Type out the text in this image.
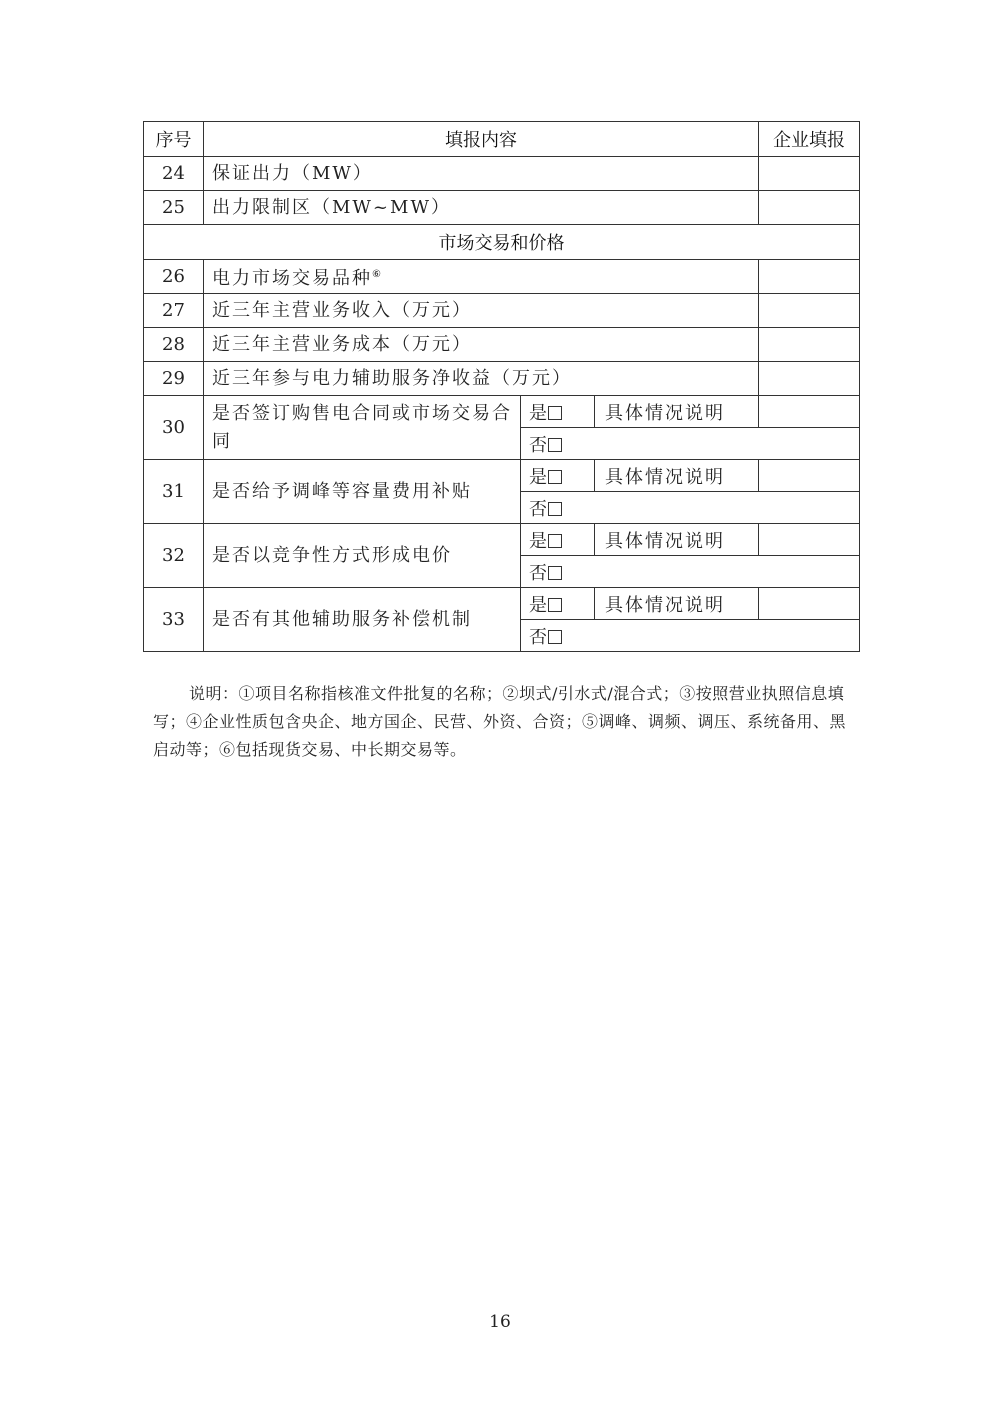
序号	填报内容			企业填报
24	保证出力（MW）			
25	出力限制区（MW~MW）			
市场交易和价格				
26	电力市场交易品种⑥	
27	近三年主营业务收入（万元）			
28	近三年主营业务成本（万元）			
29	近三年参与电力辅助服务净收益（万元）			
30	是否签订购售电合同或市场交易合同	是	具体情况说明	
		否		
31	是否给予调峰等容量费用补贴	是	具体情况说明	
		否		
32	是否以竞争性方式形成电价	是	具体情况说明	
		否		
33	是否有其他辅助服务补偿机制	是	具体情况说明	
		否		

说明：①项目名称指核准文件批复的名称；②坝式/引水式/混合式；③按照营业执照信息填写；④企业性质包含央企、地方国企、民营、外资、合资；⑤调峰、调频、调压、系统备用、黑启动等；⑥包括现货交易、中长期交易等。

16
